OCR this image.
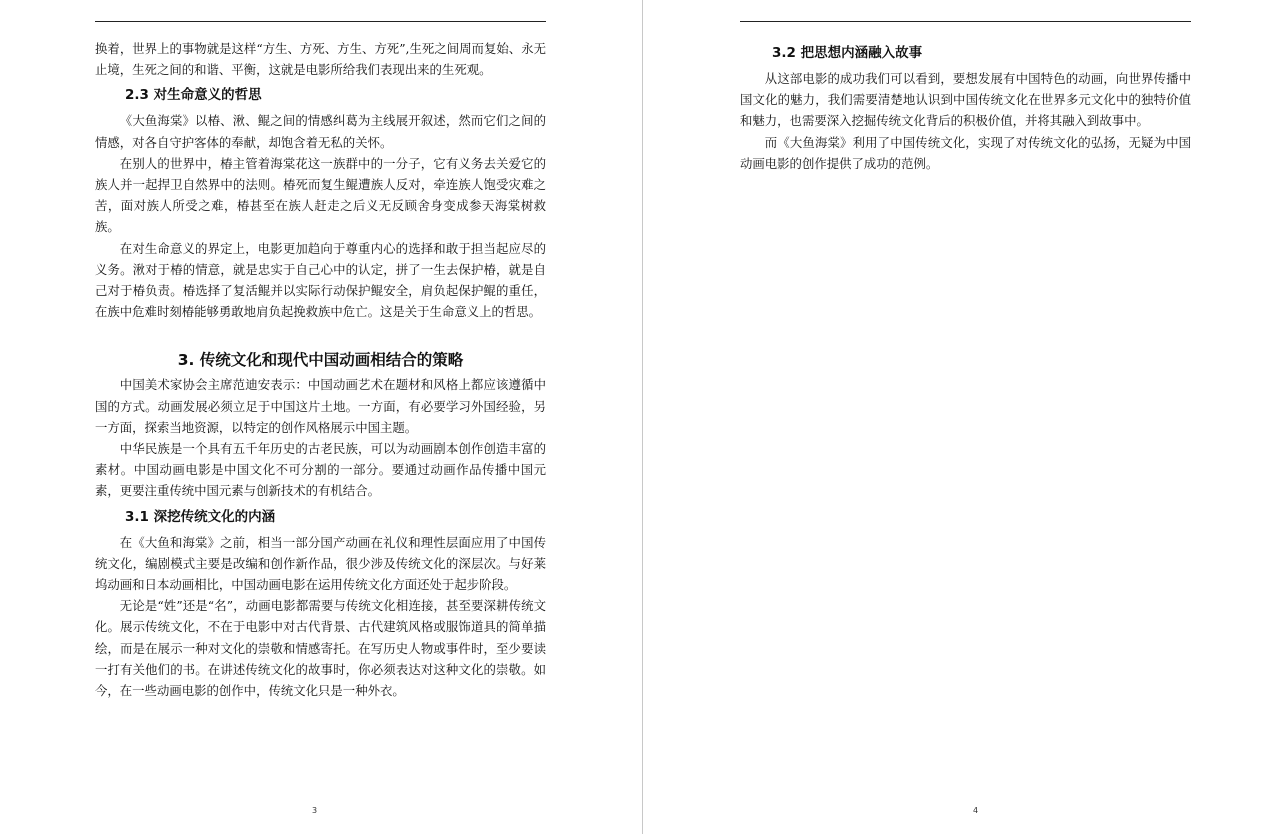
换着，世界上的事物就是这样“方生、方死、方生、方死”,生死之间周而复始、永无止境，生死之间的和谐、平衡，这就是电影所给我们表现出来的生死观。

2.3 对生命意义的哲思

《大鱼海棠》以椿、湫、鲲之间的情感纠葛为主线展开叙述，然而它们之间的情感，对各自守护客体的奉献，却饱含着无私的关怀。

在别人的世界中，椿主管着海棠花这一族群中的一分子，它有义务去关爱它的族人并一起捍卫自然界中的法则。椿死而复生鲲遭族人反对，牵连族人饱受灾难之苦，面对族人所受之难，椿甚至在族人赶走之后义无反顾舍身变成参天海棠树救族。

在对生命意义的界定上，电影更加趋向于尊重内心的选择和敢于担当起应尽的义务。湫对于椿的情意，就是忠实于自己心中的认定，拼了一生去保护椿，就是自己对于椿负责。椿选择了复活鲲并以实际行动保护鲲安全，肩负起保护鲲的重任，在族中危难时刻椿能够勇敢地肩负起挽救族中危亡。这是关于生命意义上的哲思。

3. 传统文化和现代中国动画相结合的策略

中国美术家协会主席范迪安表示：中国动画艺术在题材和风格上都应该遵循中国的方式。动画发展必须立足于中国这片土地。一方面，有必要学习外国经验，另一方面，探索当地资源，以特定的创作风格展示中国主题。

中华民族是一个具有五千年历史的古老民族，可以为动画剧本创作创造丰富的素材。中国动画电影是中国文化不可分割的一部分。要通过动画作品传播中国元素，更要注重传统中国元素与创新技术的有机结合。

3.1 深挖传统文化的内涵

在《大鱼和海棠》之前，相当一部分国产动画在礼仪和理性层面应用了中国传统文化，编剧模式主要是改编和创作新作品，很少涉及传统文化的深层次。与好莱坞动画和日本动画相比，中国动画电影在运用传统文化方面还处于起步阶段。

无论是“姓”还是“名”，动画电影都需要与传统文化相连接，甚至要深耕传统文化。展示传统文化，不在于电影中对古代背景、古代建筑风格或服饰道具的简单描绘，而是在展示一种对文化的崇敬和情感寄托。在写历史人物或事件时，至少要读一打有关他们的书。在讲述传统文化的故事时，你必须表达对这种文化的崇敬。如今，在一些动画电影的创作中，传统文化只是一种外衣。

3
3.2 把思想内涵融入故事

从这部电影的成功我们可以看到，要想发展有中国特色的动画，向世界传播中国文化的魅力，我们需要清楚地认识到中国传统文化在世界多元文化中的独特价值和魅力，也需要深入挖掘传统文化背后的积极价值，并将其融入到故事中。

而《大鱼海棠》利用了中国传统文化，实现了对传统文化的弘扬，无疑为中国动画电影的创作提供了成功的范例。

4
